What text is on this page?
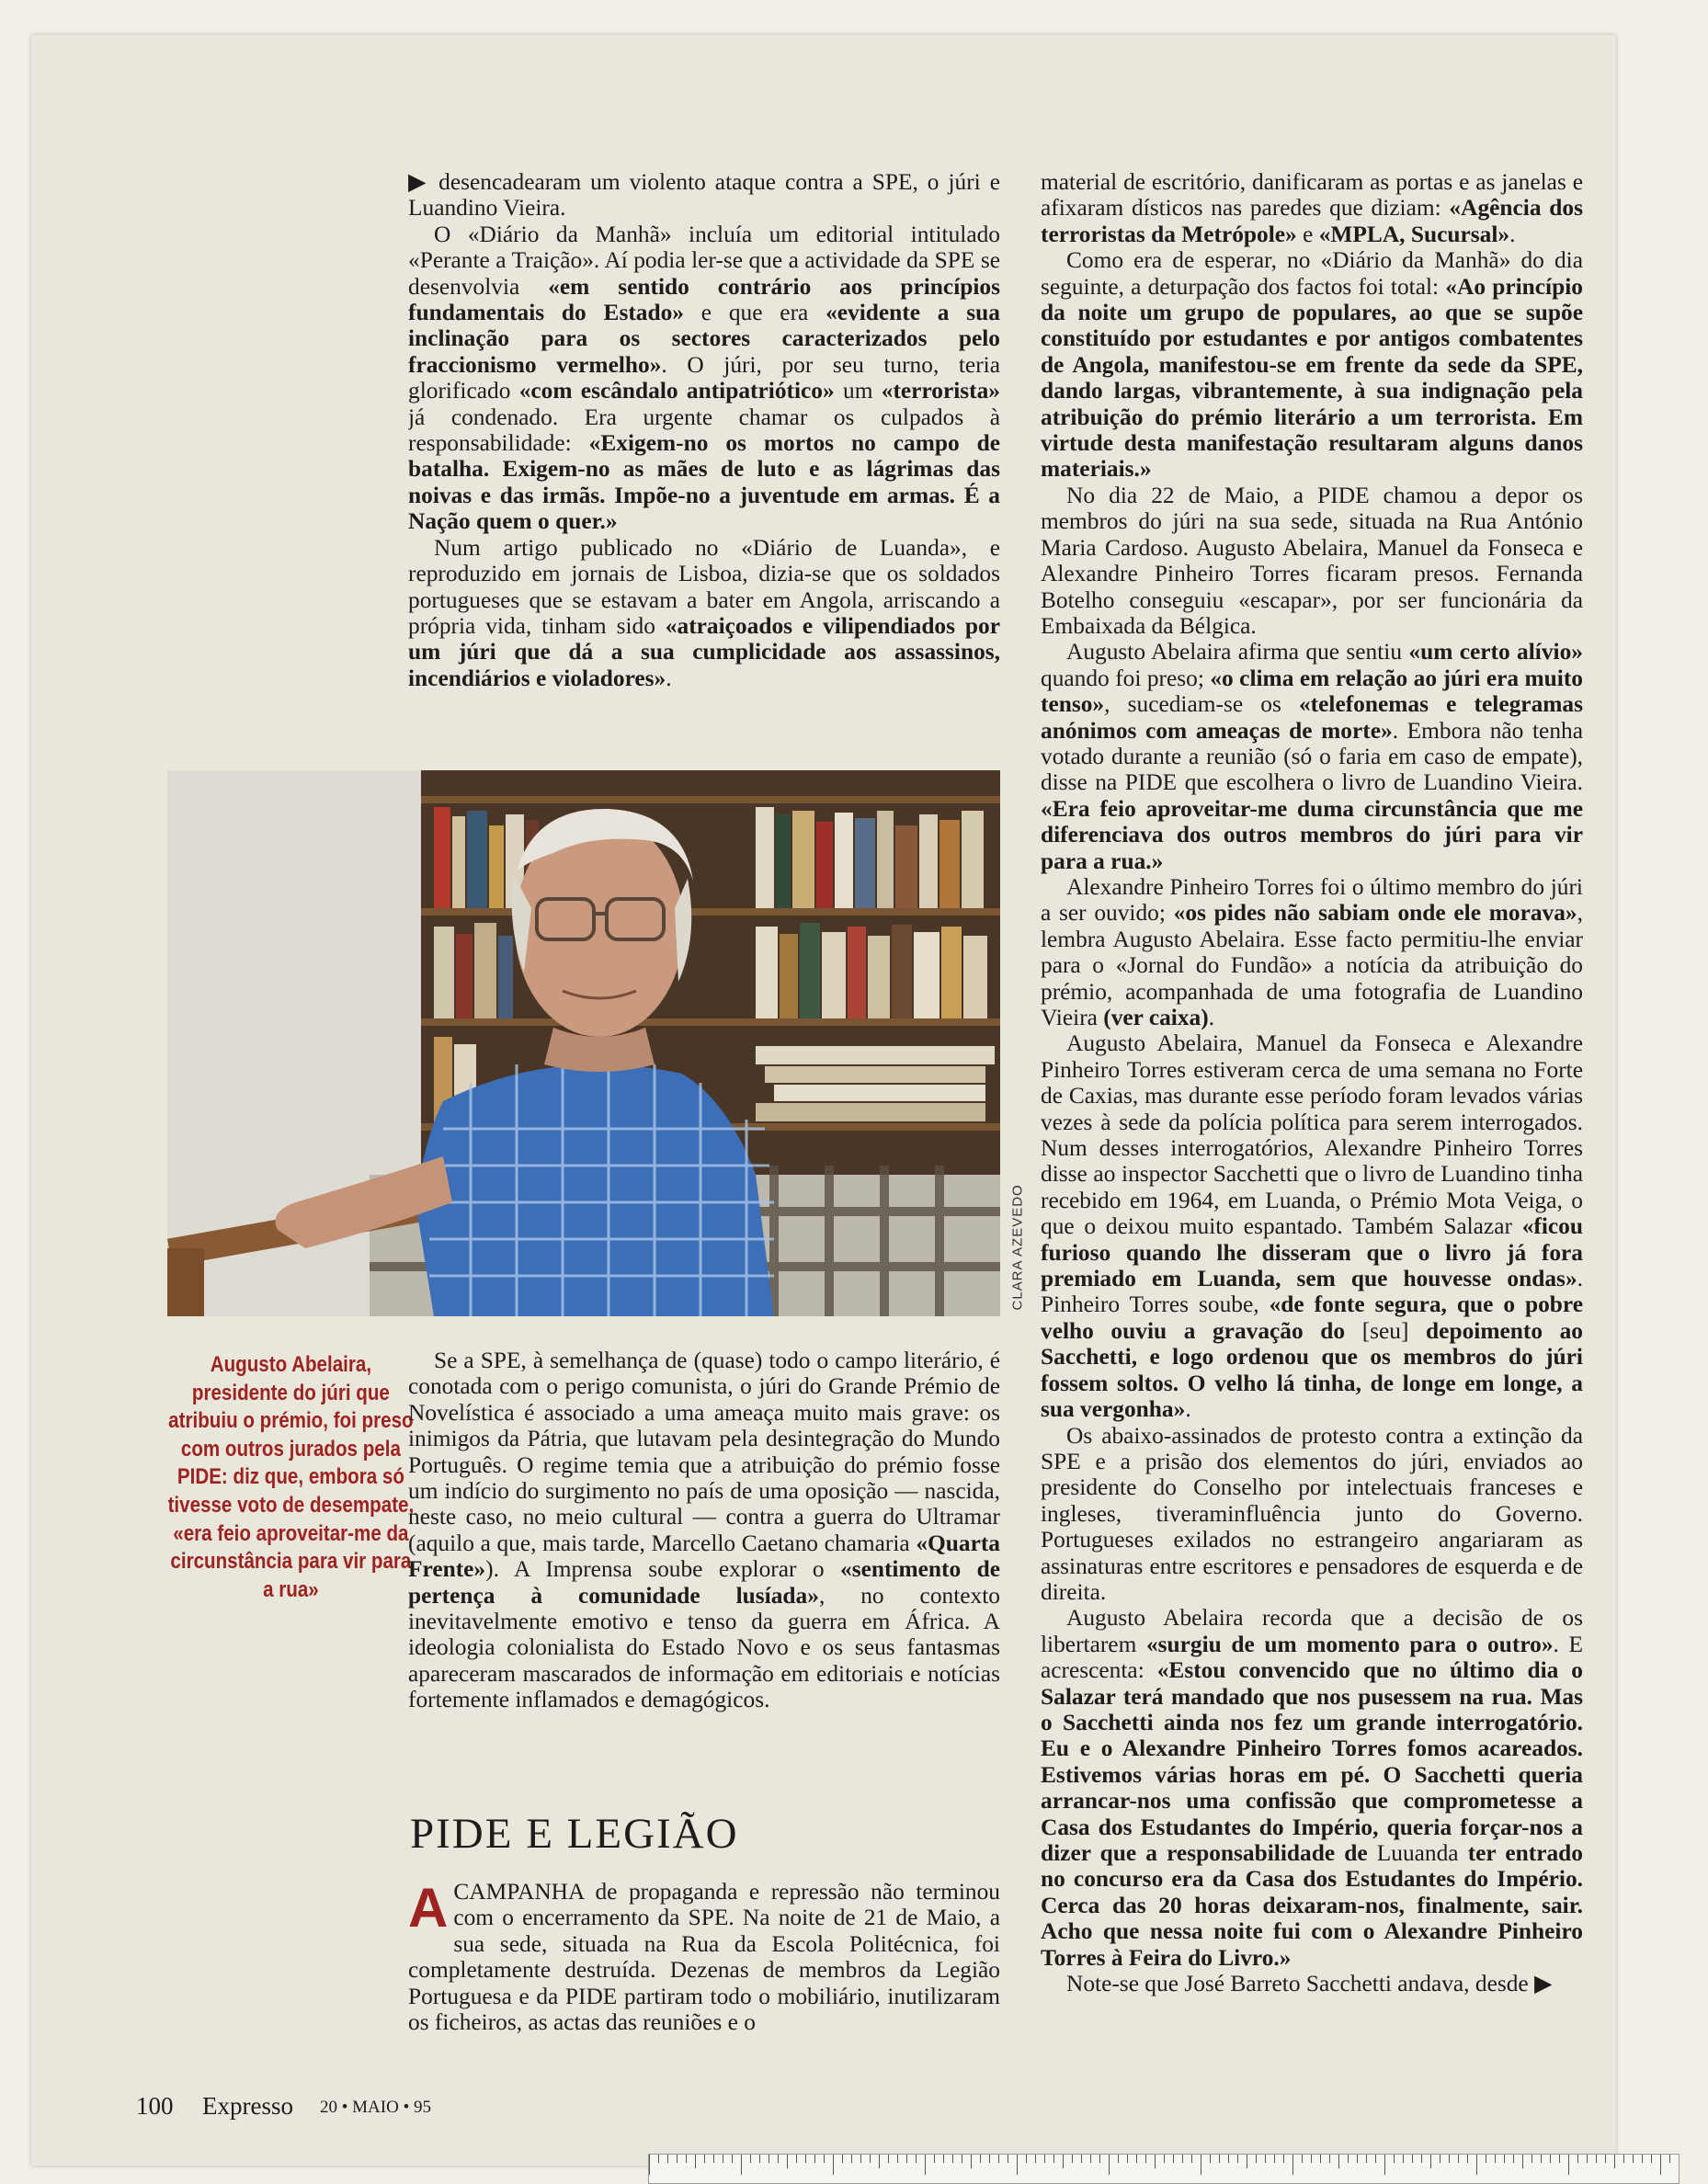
▶ desencadearam um violento ataque contra a SPE, o júri e Luandino Vieira.

O «Diário da Manhã» incluía um editorial intitulado «Perante a Traição». Aí podia ler-se que a actividade da SPE se desenvolvia «em sentido contrário aos princípios fundamentais do Estado» e que era «evidente a sua inclinação para os sectores caracterizados pelo fraccionismo vermelho». O júri, por seu turno, teria glorificado «com escândalo antipatriótico» um «terrorista» já condenado. Era urgente chamar os culpados à responsabilidade: «Exigem-no os mortos no campo de batalha. Exigem-no as mães de luto e as lágrimas das noivas e das irmãs. Impõe-no a juventude em armas. É a Nação quem o quer.»

Num artigo publicado no «Diário de Luanda», e reproduzido em jornais de Lisboa, dizia-se que os soldados portugueses que se estavam a bater em Angola, arriscando a própria vida, tinham sido «atraiçoados e vilipendiados por um júri que dá a sua cumplicidade aos assassinos, incendiários e violadores».

CLARA AZEVEDO
Augusto Abelaira, presidente do júri que atribuiu o prémio, foi preso com outros jurados pela PIDE: diz que, embora só tivesse voto de desempate, «era feio aproveitar-me da circunstância para vir para a rua»

Se a SPE, à semelhança de (quase) todo o campo literário, é conotada com o perigo comunista, o júri do Grande Prémio de Novelística é associado a uma ameaça muito mais grave: os inimigos da Pátria, que lutavam pela desintegração do Mundo Português. O regime temia que a atribuição do prémio fosse um indício do surgimento no país de uma oposição — nascida, neste caso, no meio cultural — contra a guerra do Ultramar (aquilo a que, mais tarde, Marcello Caetano chamaria «Quarta Frente»). A Imprensa soube explorar o «sentimento de pertença à comunidade lusíada», no contexto inevitavelmente emotivo e tenso da guerra em África. A ideologia colonialista do Estado Novo e os seus fantasmas apareceram mascarados de informação em editoriais e notícias fortemente inflamados e demagógicos.

PIDE E LEGIÃO

A CAMPANHA de propaganda e repressão não terminou com o encerramento da SPE. Na noite de 21 de Maio, a sua sede, situada na Rua da Escola Politécnica, foi completamente destruída. Dezenas de membros da Legião Portuguesa e da PIDE partiram todo o mobiliário, inutilizaram os ficheiros, as actas das reuniões e o

material de escritório, danificaram as portas e as janelas e afixaram dísticos nas paredes que diziam: «Agência dos terroristas da Metrópole» e «MPLA, Sucursal».

Como era de esperar, no «Diário da Manhã» do dia seguinte, a deturpação dos factos foi total: «Ao princípio da noite um grupo de populares, ao que se supõe constituído por estudantes e por antigos combatentes de Angola, manifestou-se em frente da sede da SPE, dando largas, vibrantemente, à sua indignação pela atribuição do prémio literário a um terrorista. Em virtude desta manifestação resultaram alguns danos materiais.»

No dia 22 de Maio, a PIDE chamou a depor os membros do júri na sua sede, situada na Rua António Maria Cardoso. Augusto Abelaira, Manuel da Fonseca e Alexandre Pinheiro Torres ficaram presos. Fernanda Botelho conseguiu «escapar», por ser funcionária da Embaixada da Bélgica.

Augusto Abelaira afirma que sentiu «um certo alívio» quando foi preso; «o clima em relação ao júri era muito tenso», sucediam-se os «telefonemas e telegramas anónimos com ameaças de morte». Embora não tenha votado durante a reunião (só o faria em caso de empate), disse na PIDE que escolhera o livro de Luandino Vieira. «Era feio aproveitar-me duma circunstância que me diferenciava dos outros membros do júri para vir para a rua.»

Alexandre Pinheiro Torres foi o último membro do júri a ser ouvido; «os pides não sabiam onde ele morava», lembra Augusto Abelaira. Esse facto permitiu-lhe enviar para o «Jornal do Fundão» a notícia da atribuição do prémio, acompanhada de uma fotografia de Luandino Vieira (ver caixa).

Augusto Abelaira, Manuel da Fonseca e Alexandre Pinheiro Torres estiveram cerca de uma semana no Forte de Caxias, mas durante esse período foram levados várias vezes à sede da polícia política para serem interrogados. Num desses interrogatórios, Alexandre Pinheiro Torres disse ao inspector Sacchetti que o livro de Luandino tinha recebido em 1964, em Luanda, o Prémio Mota Veiga, o que o deixou muito espantado. Também Salazar «ficou furioso quando lhe disseram que o livro já fora premiado em Luanda, sem que houvesse ondas». Pinheiro Torres soube, «de fonte segura, que o pobre velho ouviu a gravação do [seu] depoimento ao Sacchetti, e logo ordenou que os membros do júri fossem soltos. O velho lá tinha, de longe em longe, a sua vergonha».

Os abaixo-assinados de protesto contra a extinção da SPE e a prisão dos elementos do júri, enviados ao presidente do Conselho por intelectuais franceses e ingleses, tiveraminfluência junto do Governo. Portugueses exilados no estrangeiro angariaram as assinaturas entre escritores e pensadores de esquerda e de direita.

Augusto Abelaira recorda que a decisão de os libertarem «surgiu de um momento para o outro». E acrescenta: «Estou convencido que no último dia o Salazar terá mandado que nos pusessem na rua. Mas o Sacchetti ainda nos fez um grande interrogatório. Eu e o Alexandre Pinheiro Torres fomos acareados. Estivemos várias horas em pé. O Sacchetti queria arrancar-nos uma confissão que comprometesse a Casa dos Estudantes do Império, queria forçar-nos a dizer que a responsabilidade de Luuanda ter entrado no concurso era da Casa dos Estudantes do Império. Cerca das 20 horas deixaram-nos, finalmente, sair. Acho que nessa noite fui com o Alexandre Pinheiro Torres à Feira do Livro.»

Note-se que José Barreto Sacchetti andava, desde ▶

100 Expresso 20 • MAIO • 95
